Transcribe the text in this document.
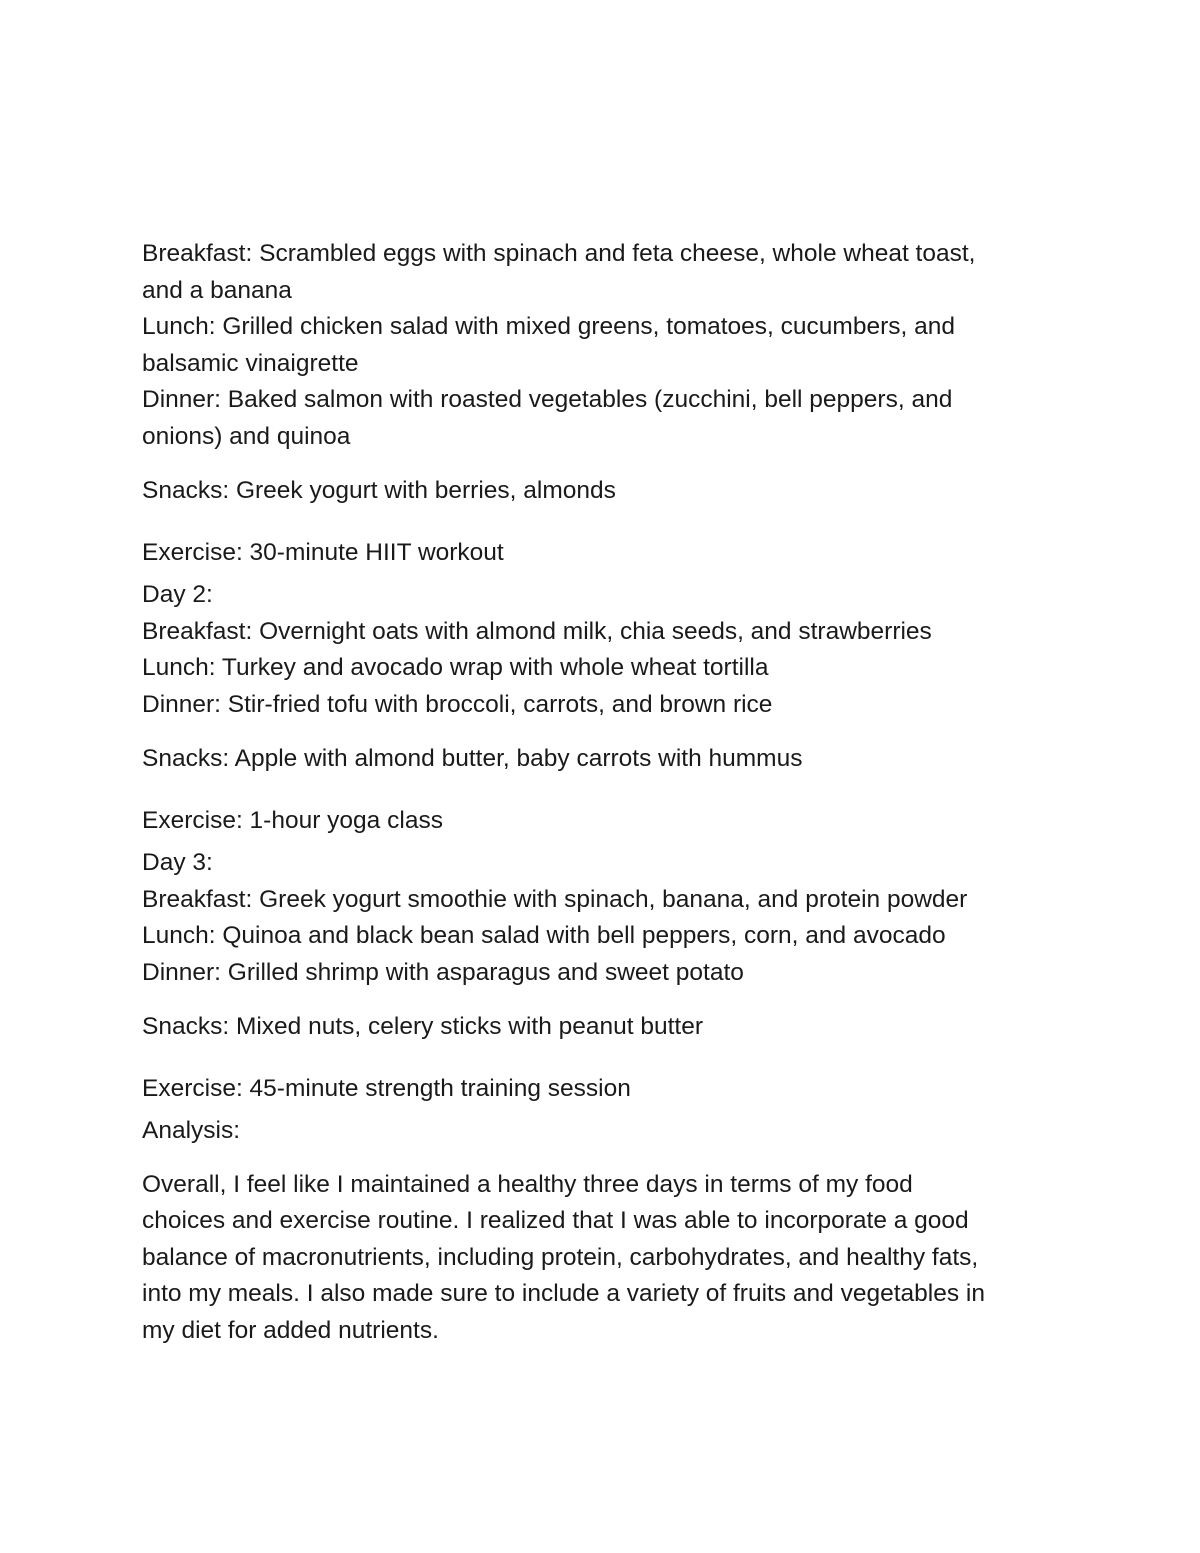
Breakfast: Scrambled eggs with spinach and feta cheese, whole wheat toast,

and a banana

Lunch: Grilled chicken salad with mixed greens, tomatoes, cucumbers, and

balsamic vinaigrette

Dinner: Baked salmon with roasted vegetables (zucchini, bell peppers, and

onions) and quinoa

Snacks: Greek yogurt with berries, almonds

Exercise: 30-minute HIIT workout

Day 2:

Breakfast: Overnight oats with almond milk, chia seeds, and strawberries

Lunch: Turkey and avocado wrap with whole wheat tortilla

Dinner: Stir-fried tofu with broccoli, carrots, and brown rice

Snacks: Apple with almond butter, baby carrots with hummus

Exercise: 1-hour yoga class

Day 3:

Breakfast: Greek yogurt smoothie with spinach, banana, and protein powder

Lunch: Quinoa and black bean salad with bell peppers, corn, and avocado

Dinner: Grilled shrimp with asparagus and sweet potato

Snacks: Mixed nuts, celery sticks with peanut butter

Exercise: 45-minute strength training session

Analysis:

Overall, I feel like I maintained a healthy three days in terms of my food

choices and exercise routine. I realized that I was able to incorporate a good

balance of macronutrients, including protein, carbohydrates, and healthy fats,

into my meals. I also made sure to include a variety of fruits and vegetables in

my diet for added nutrients.
